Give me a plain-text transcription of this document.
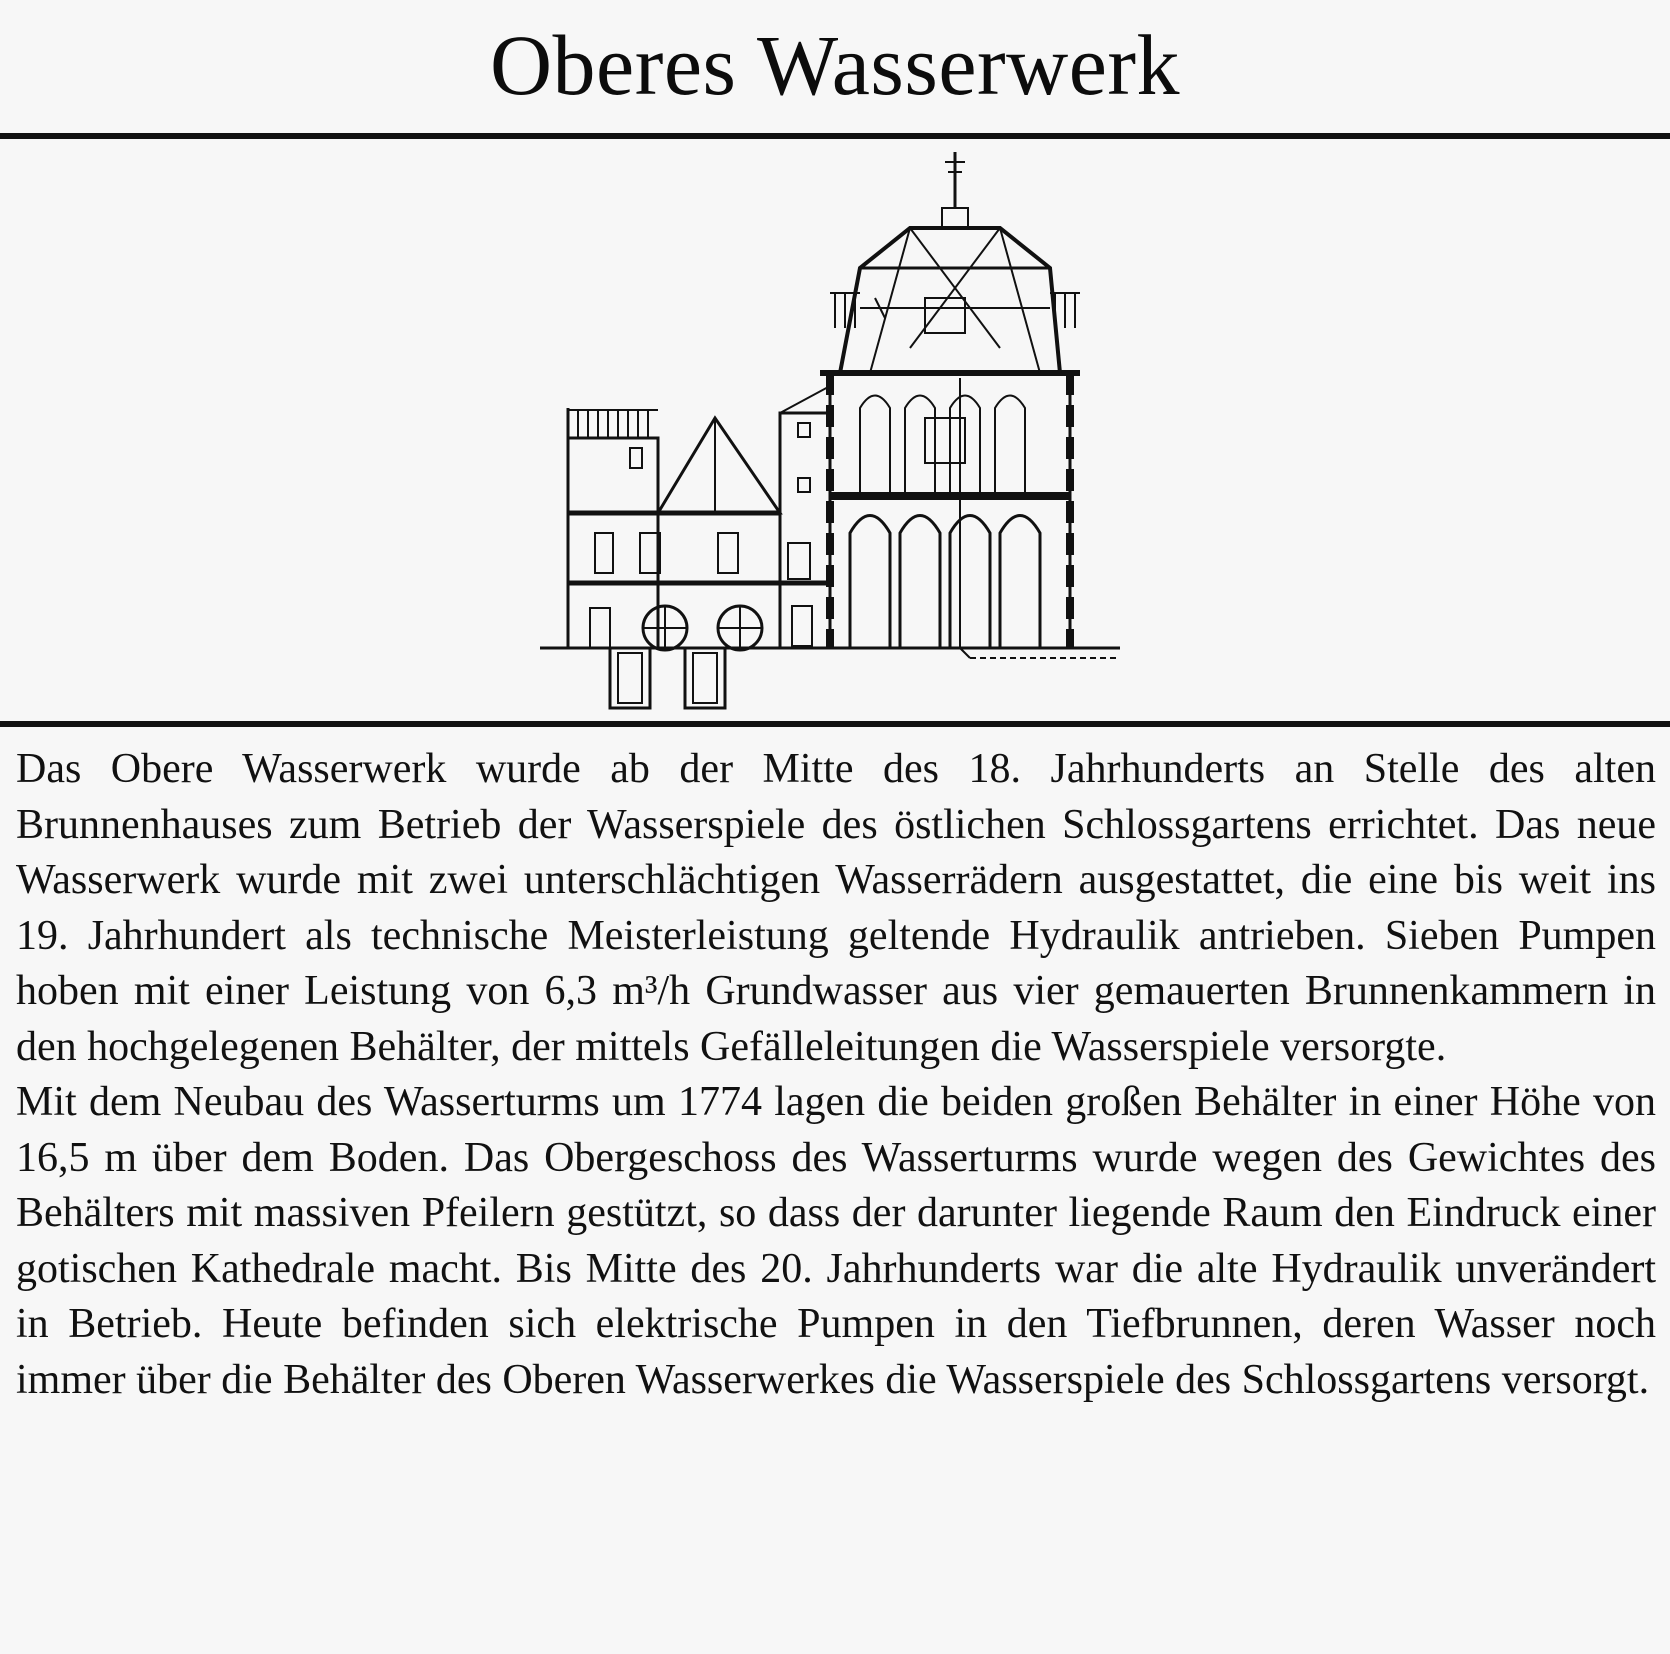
Oberes Wasserwerk

Das Obere Wasserwerk wurde ab der Mitte des 18. Jahrhunderts an Stelle des alten Brunnenhauses zum Betrieb der Wasserspiele des östlichen Schlossgartens errichtet. Das neue Wasserwerk wurde mit zwei unterschlächtigen Wasserrädern ausgestattet, die eine bis weit ins 19. Jahrhundert als technische Meisterleistung geltende Hydraulik antrieben. Sieben Pumpen hoben mit einer Leistung von 6,3 m³/h Grundwasser aus vier gemauerten Brunnenkammern in den hochgelegenen Behälter, der mittels Gefälleleitungen die Wasserspiele versorgte.

Mit dem Neubau des Wasserturms um 1774 lagen die beiden großen Behälter in einer Höhe von 16,5 m über dem Boden. Das Obergeschoss des Wasserturms wurde wegen des Gewichtes des Behälters mit massiven Pfeilern gestützt, so dass der darunter liegende Raum den Eindruck einer gotischen Kathedrale macht. Bis Mitte des 20. Jahrhunderts war die alte Hydraulik unverändert in Betrieb. Heute befinden sich elektrische Pumpen in den Tiefbrunnen, deren Wasser noch immer über die Behälter des Oberen Wasserwerkes die Wasserspiele des Schlossgartens versorgt.
